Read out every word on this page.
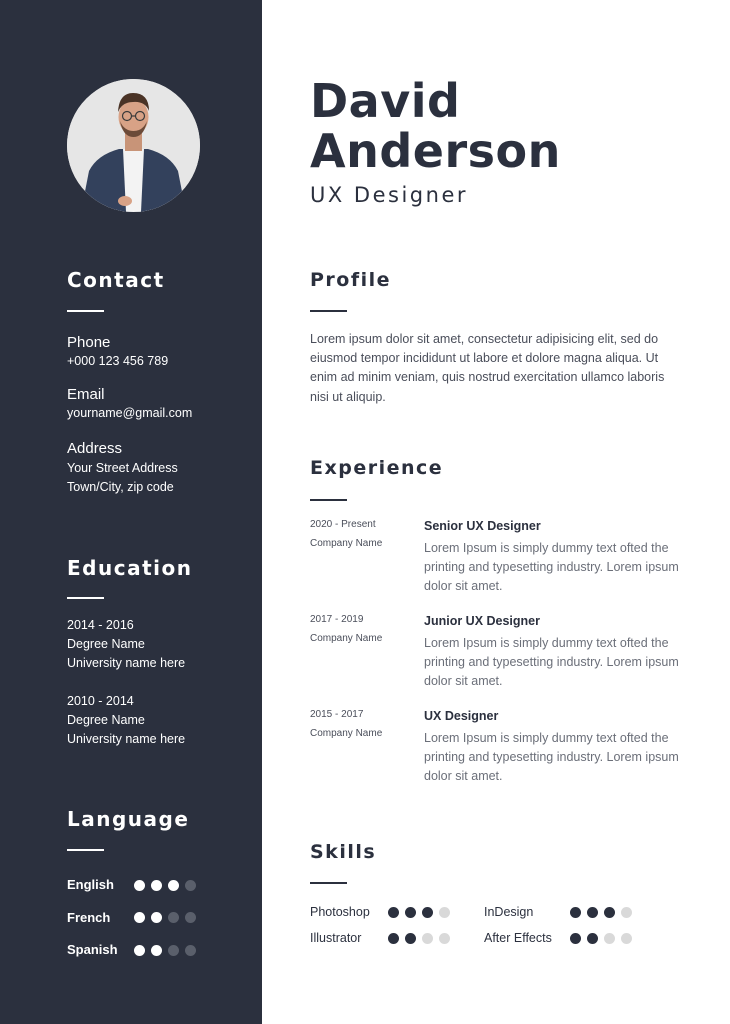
Contact
Phone
+000 123 456 789
Email
yourname@gmail.com
Address
Your Street Address
Town/City, zip code
Education
2014 - 2016
Degree Name
University name here
2010 - 2014
Degree Name
University name here
Language
English
French
Spanish
David
Anderson
UX Designer
Profile
Lorem ipsum dolor sit amet, consectetur adipisicing elit, sed do eiusmod tempor incididunt ut labore et dolore magna aliqua. Ut enim ad minim veniam, quis nostrud exercitation ullamco laboris nisi ut aliquip.
Experience
2020 - Present
Company Name
Senior UX Designer
Lorem Ipsum is simply dummy text ofted the printing and typesetting industry. Lorem ipsum dolor sit amet.
2017 - 2019
Company Name
Junior UX Designer
Lorem Ipsum is simply dummy text ofted the printing and typesetting industry. Lorem ipsum dolor sit amet.
2015 - 2017
Company Name
UX Designer
Lorem Ipsum is simply dummy text ofted the printing and typesetting industry. Lorem ipsum dolor sit amet.
Skills
Photoshop	InDesign
Illustrator	After Effects
